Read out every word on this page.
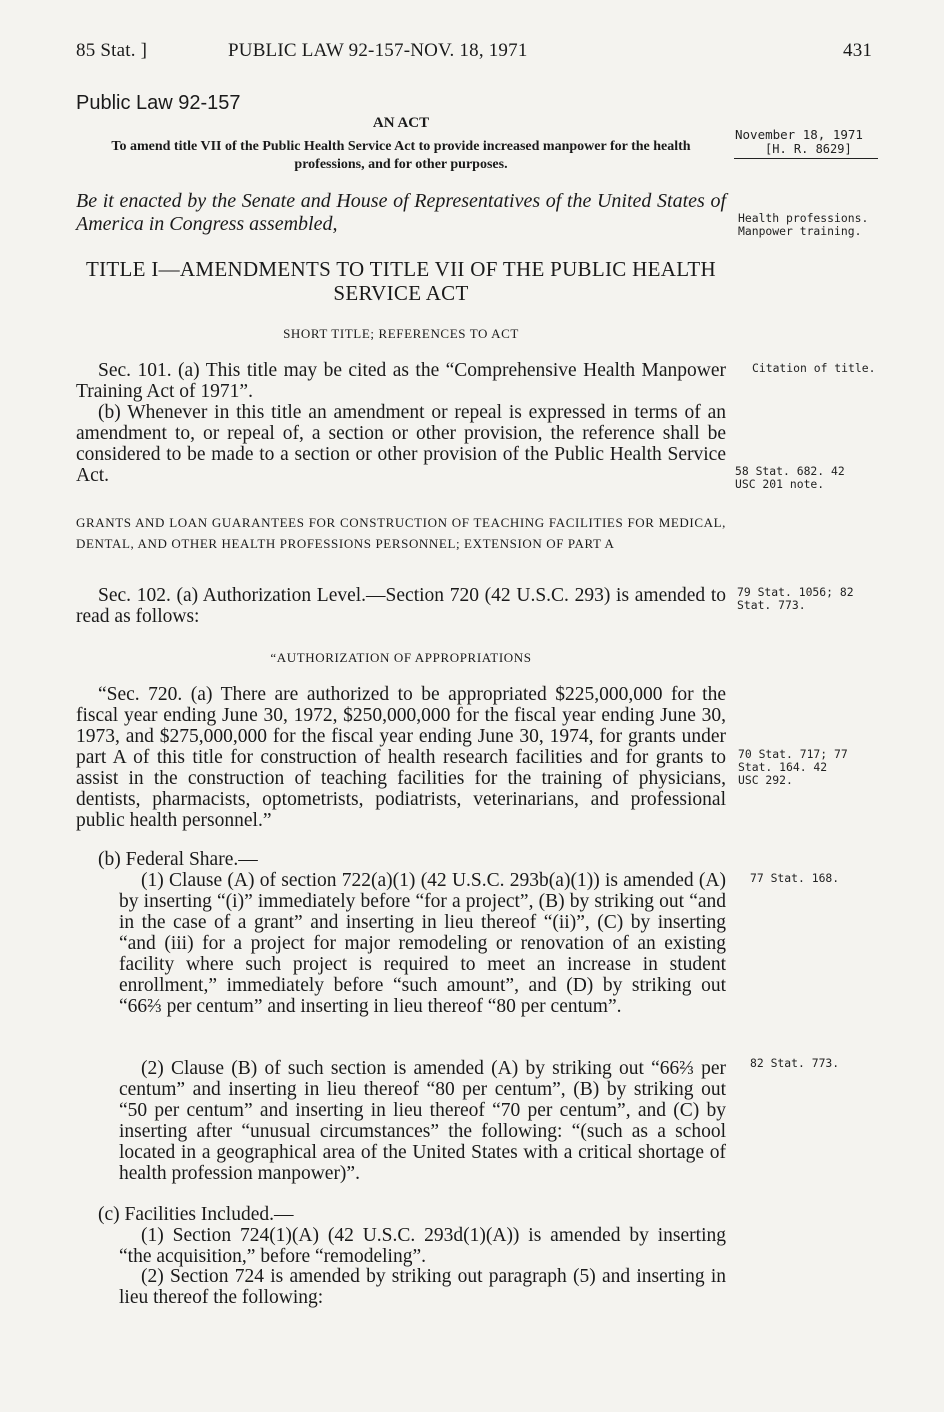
85 Stat. ]	PUBLIC LAW 92-157-NOV. 18, 1971	431
Public Law 92-157
AN ACT
To amend title VII of the Public Health Service Act to provide increased manpower for the health professions, and for other purposes.
November 18, 1971
[H. R. 8629]
Be it enacted by the Senate and House of Representatives of the United States of America in Congress assembled,	Health professions. Manpower training.
TITLE I—AMENDMENTS TO TITLE VII OF THE PUBLIC HEALTH SERVICE ACT
SHORT TITLE; REFERENCES TO ACT
Sec. 101. (a) This title may be cited as the “Comprehensive Health Manpower Training Act of 1971”.
Citation of title.
(b) Whenever in this title an amendment or repeal is expressed in terms of an amendment to, or repeal of, a section or other provision, the reference shall be considered to be made to a section or other provision of the Public Health Service Act.	58 Stat. 682. 42 USC 201 note.
GRANTS AND LOAN GUARANTEES FOR CONSTRUCTION OF TEACHING FACILITIES FOR MEDICAL, DENTAL, AND OTHER HEALTH PROFESSIONS PERSONNEL; EXTENSION OF PART A
Sec. 102. (a) Authorization Level.—Section 720 (42 U.S.C. 293) is amended to read as follows:
79 Stat. 1056; 82 Stat. 773.
“AUTHORIZATION OF APPROPRIATIONS
“Sec. 720. (a) There are authorized to be appropriated $225,000,000 for the fiscal year ending June 30, 1972, $250,000,000 for the fiscal year ending June 30, 1973, and $275,000,000 for the fiscal year ending June 30, 1974, for grants under part A of this title for construction of health research facilities and for grants to assist in the construction of teaching facilities for the training of physicians, dentists, pharmacists, optometrists, podiatrists, veterinarians, and professional public health personnel.”
70 Stat. 717; 77 Stat. 164. 42 USC 292.
(b) Federal Share.—
(1) Clause (A) of section 722(a)(1) (42 U.S.C. 293b(a)(1)) is amended (A) by inserting “(i)” immediately before “for a project”, (B) by striking out “and in the case of a grant” and inserting in lieu thereof “(ii)”, (C) by inserting “and (iii) for a project for major remodeling or renovation of an existing facility where such project is required to meet an increase in student enrollment,” immediately before “such amount”, and (D) by striking out “66⅔ per centum” and inserting in lieu thereof “80 per centum”.
77 Stat. 168.
(2) Clause (B) of such section is amended (A) by striking out “66⅔ per centum” and inserting in lieu thereof “80 per centum”, (B) by striking out “50 per centum” and inserting in lieu thereof “70 per centum”, and (C) by inserting after “unusual circumstances” the following: “(such as a school located in a geographical area of the United States with a critical shortage of health profession manpower)”.
82 Stat. 773.
(c) Facilities Included.—
(1) Section 724(1)(A) (42 U.S.C. 293d(1)(A)) is amended by inserting “the acquisition,” before “remodeling”.
(2) Section 724 is amended by striking out paragraph (5) and inserting in lieu thereof the following:
